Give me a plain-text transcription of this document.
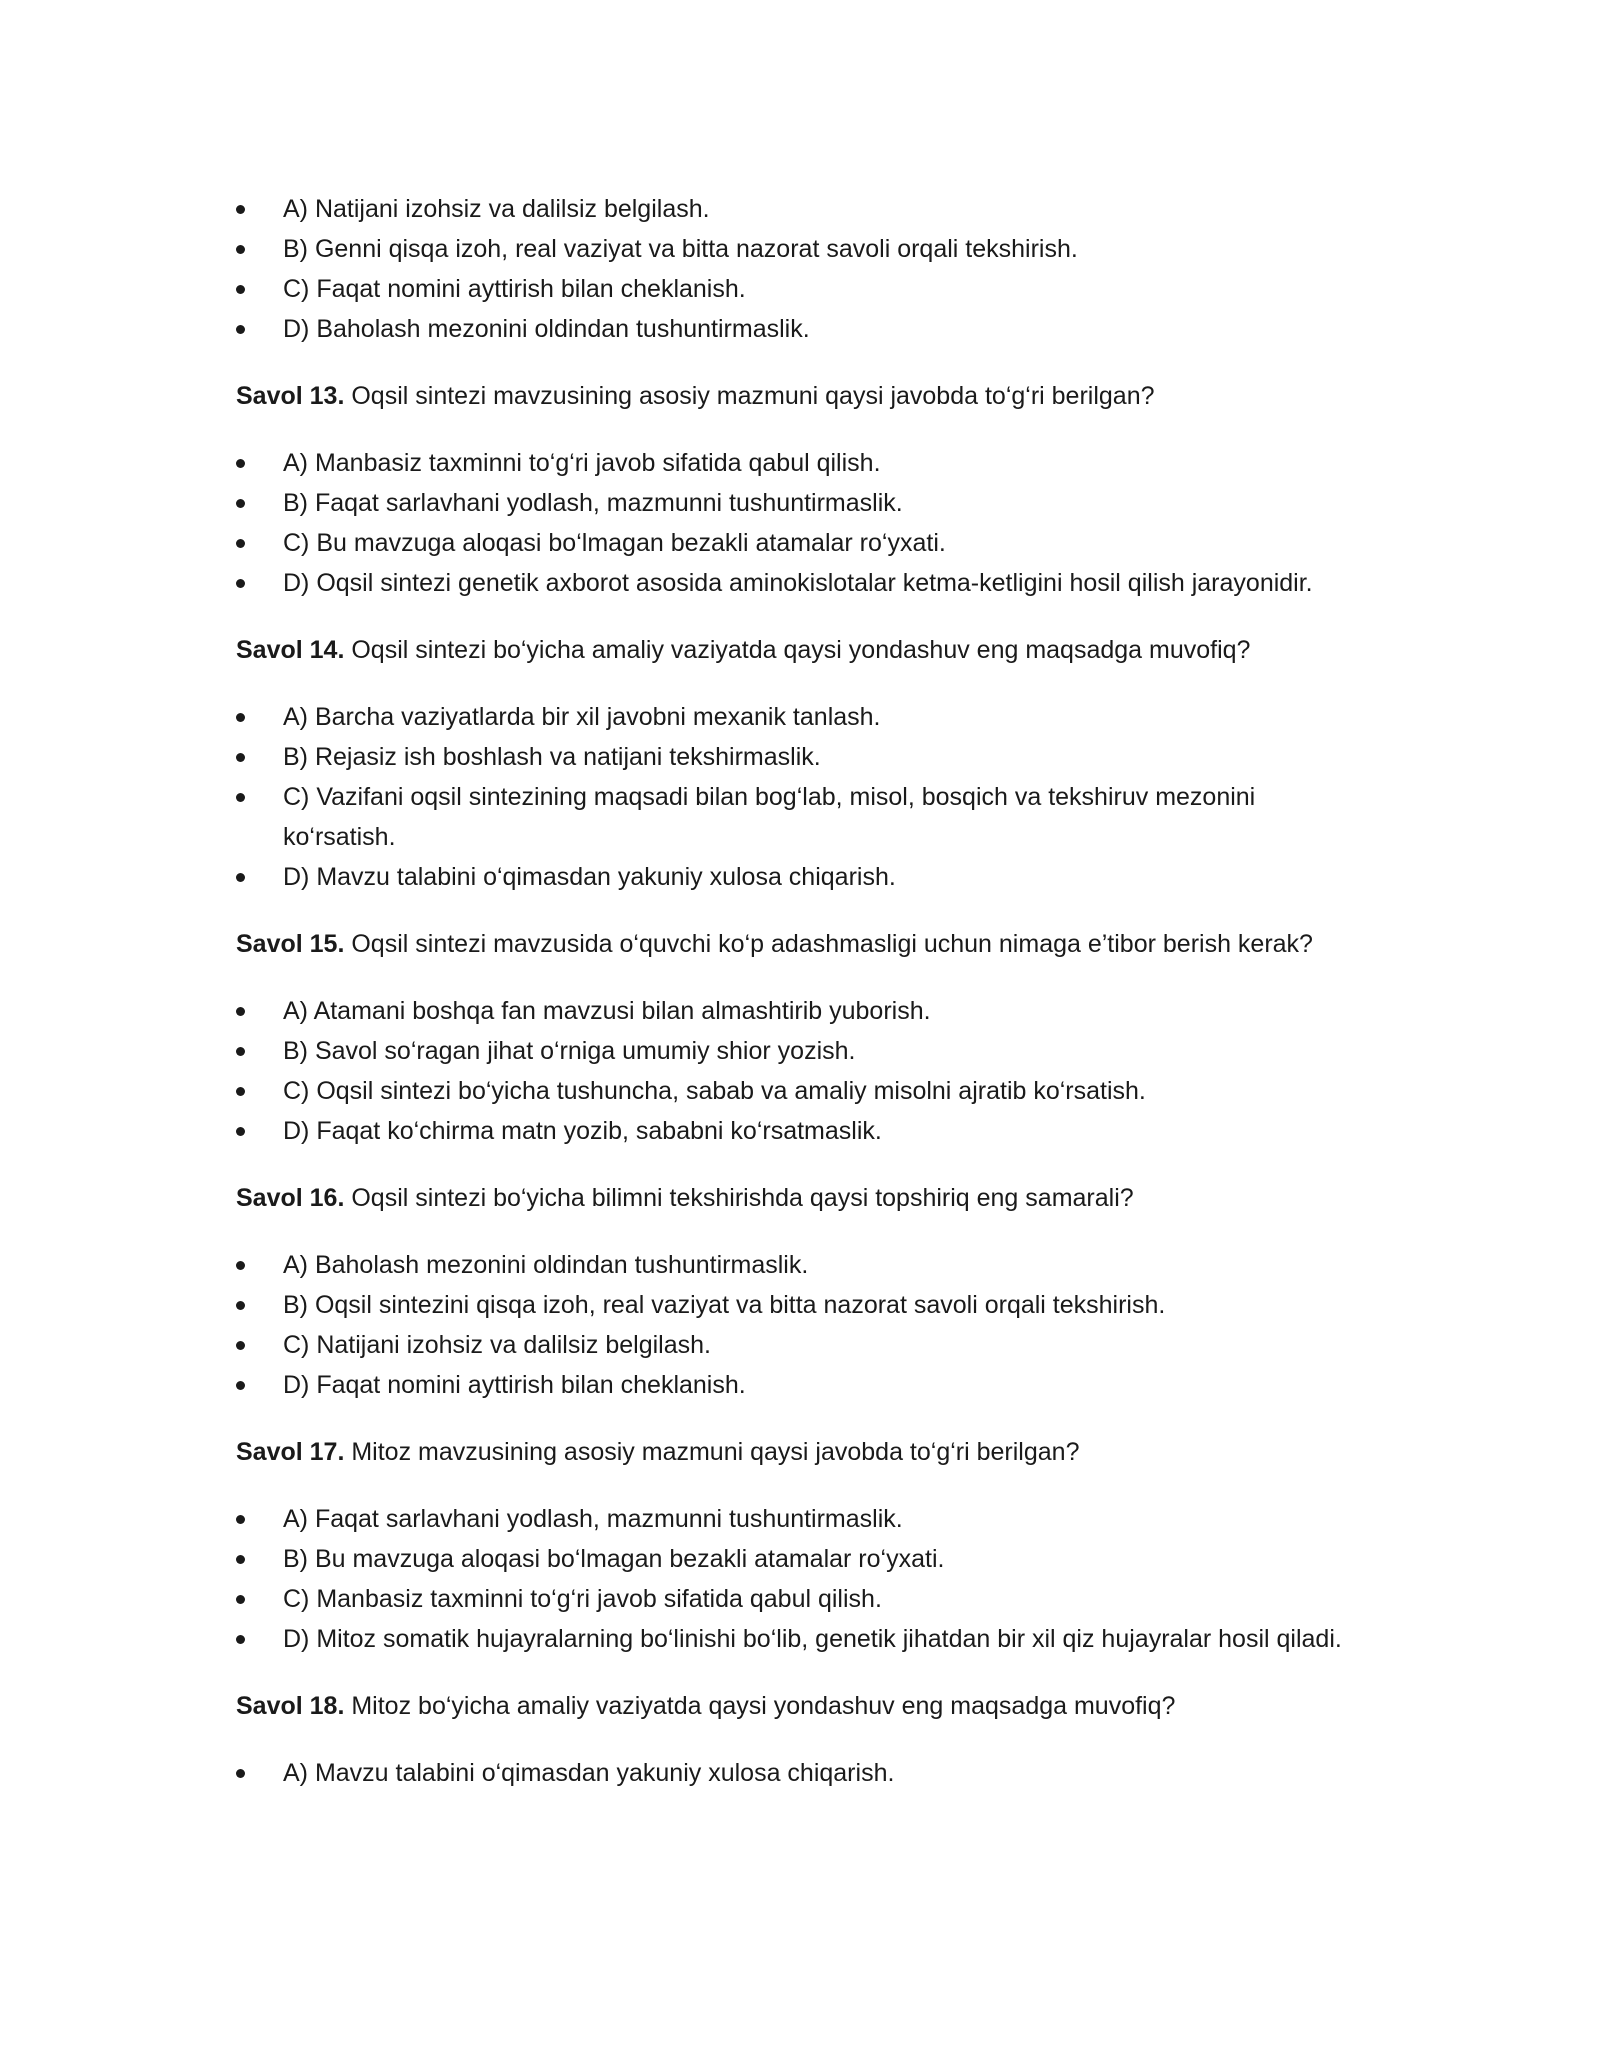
A) Natijani izohsiz va dalilsiz belgilash.
B) Genni qisqa izoh, real vaziyat va bitta nazorat savoli orqali tekshirish.
C) Faqat nomini ayttirish bilan cheklanish.
D) Baholash mezonini oldindan tushuntirmaslik.

Savol 13. Oqsil sintezi mavzusining asosiy mazmuni qaysi javobda to‘g‘ri berilgan?

A) Manbasiz taxminni to‘g‘ri javob sifatida qabul qilish.
B) Faqat sarlavhani yodlash, mazmunni tushuntirmaslik.
C) Bu mavzuga aloqasi bo‘lmagan bezakli atamalar ro‘yxati.
D) Oqsil sintezi genetik axborot asosida aminokislotalar ketma-ketligini hosil qilish jarayonidir.

Savol 14. Oqsil sintezi bo‘yicha amaliy vaziyatda qaysi yondashuv eng maqsadga muvofiq?

A) Barcha vaziyatlarda bir xil javobni mexanik tanlash.
B) Rejasiz ish boshlash va natijani tekshirmaslik.
C) Vazifani oqsil sintezining maqsadi bilan bog‘lab, misol, bosqich va tekshiruv mezonini ko‘rsatish.
D) Mavzu talabini o‘qimasdan yakuniy xulosa chiqarish.

Savol 15. Oqsil sintezi mavzusida o‘quvchi ko‘p adashmasligi uchun nimaga e’tibor berish kerak?

A) Atamani boshqa fan mavzusi bilan almashtirib yuborish.
B) Savol so‘ragan jihat o‘rniga umumiy shior yozish.
C) Oqsil sintezi bo‘yicha tushuncha, sabab va amaliy misolni ajratib ko‘rsatish.
D) Faqat ko‘chirma matn yozib, sababni ko‘rsatmaslik.

Savol 16. Oqsil sintezi bo‘yicha bilimni tekshirishda qaysi topshiriq eng samarali?

A) Baholash mezonini oldindan tushuntirmaslik.
B) Oqsil sintezini qisqa izoh, real vaziyat va bitta nazorat savoli orqali tekshirish.
C) Natijani izohsiz va dalilsiz belgilash.
D) Faqat nomini ayttirish bilan cheklanish.

Savol 17. Mitoz mavzusining asosiy mazmuni qaysi javobda to‘g‘ri berilgan?

A) Faqat sarlavhani yodlash, mazmunni tushuntirmaslik.
B) Bu mavzuga aloqasi bo‘lmagan bezakli atamalar ro‘yxati.
C) Manbasiz taxminni to‘g‘ri javob sifatida qabul qilish.
D) Mitoz somatik hujayralarning bo‘linishi bo‘lib, genetik jihatdan bir xil qiz hujayralar hosil qiladi.

Savol 18. Mitoz bo‘yicha amaliy vaziyatda qaysi yondashuv eng maqsadga muvofiq?

A) Mavzu talabini o‘qimasdan yakuniy xulosa chiqarish.
